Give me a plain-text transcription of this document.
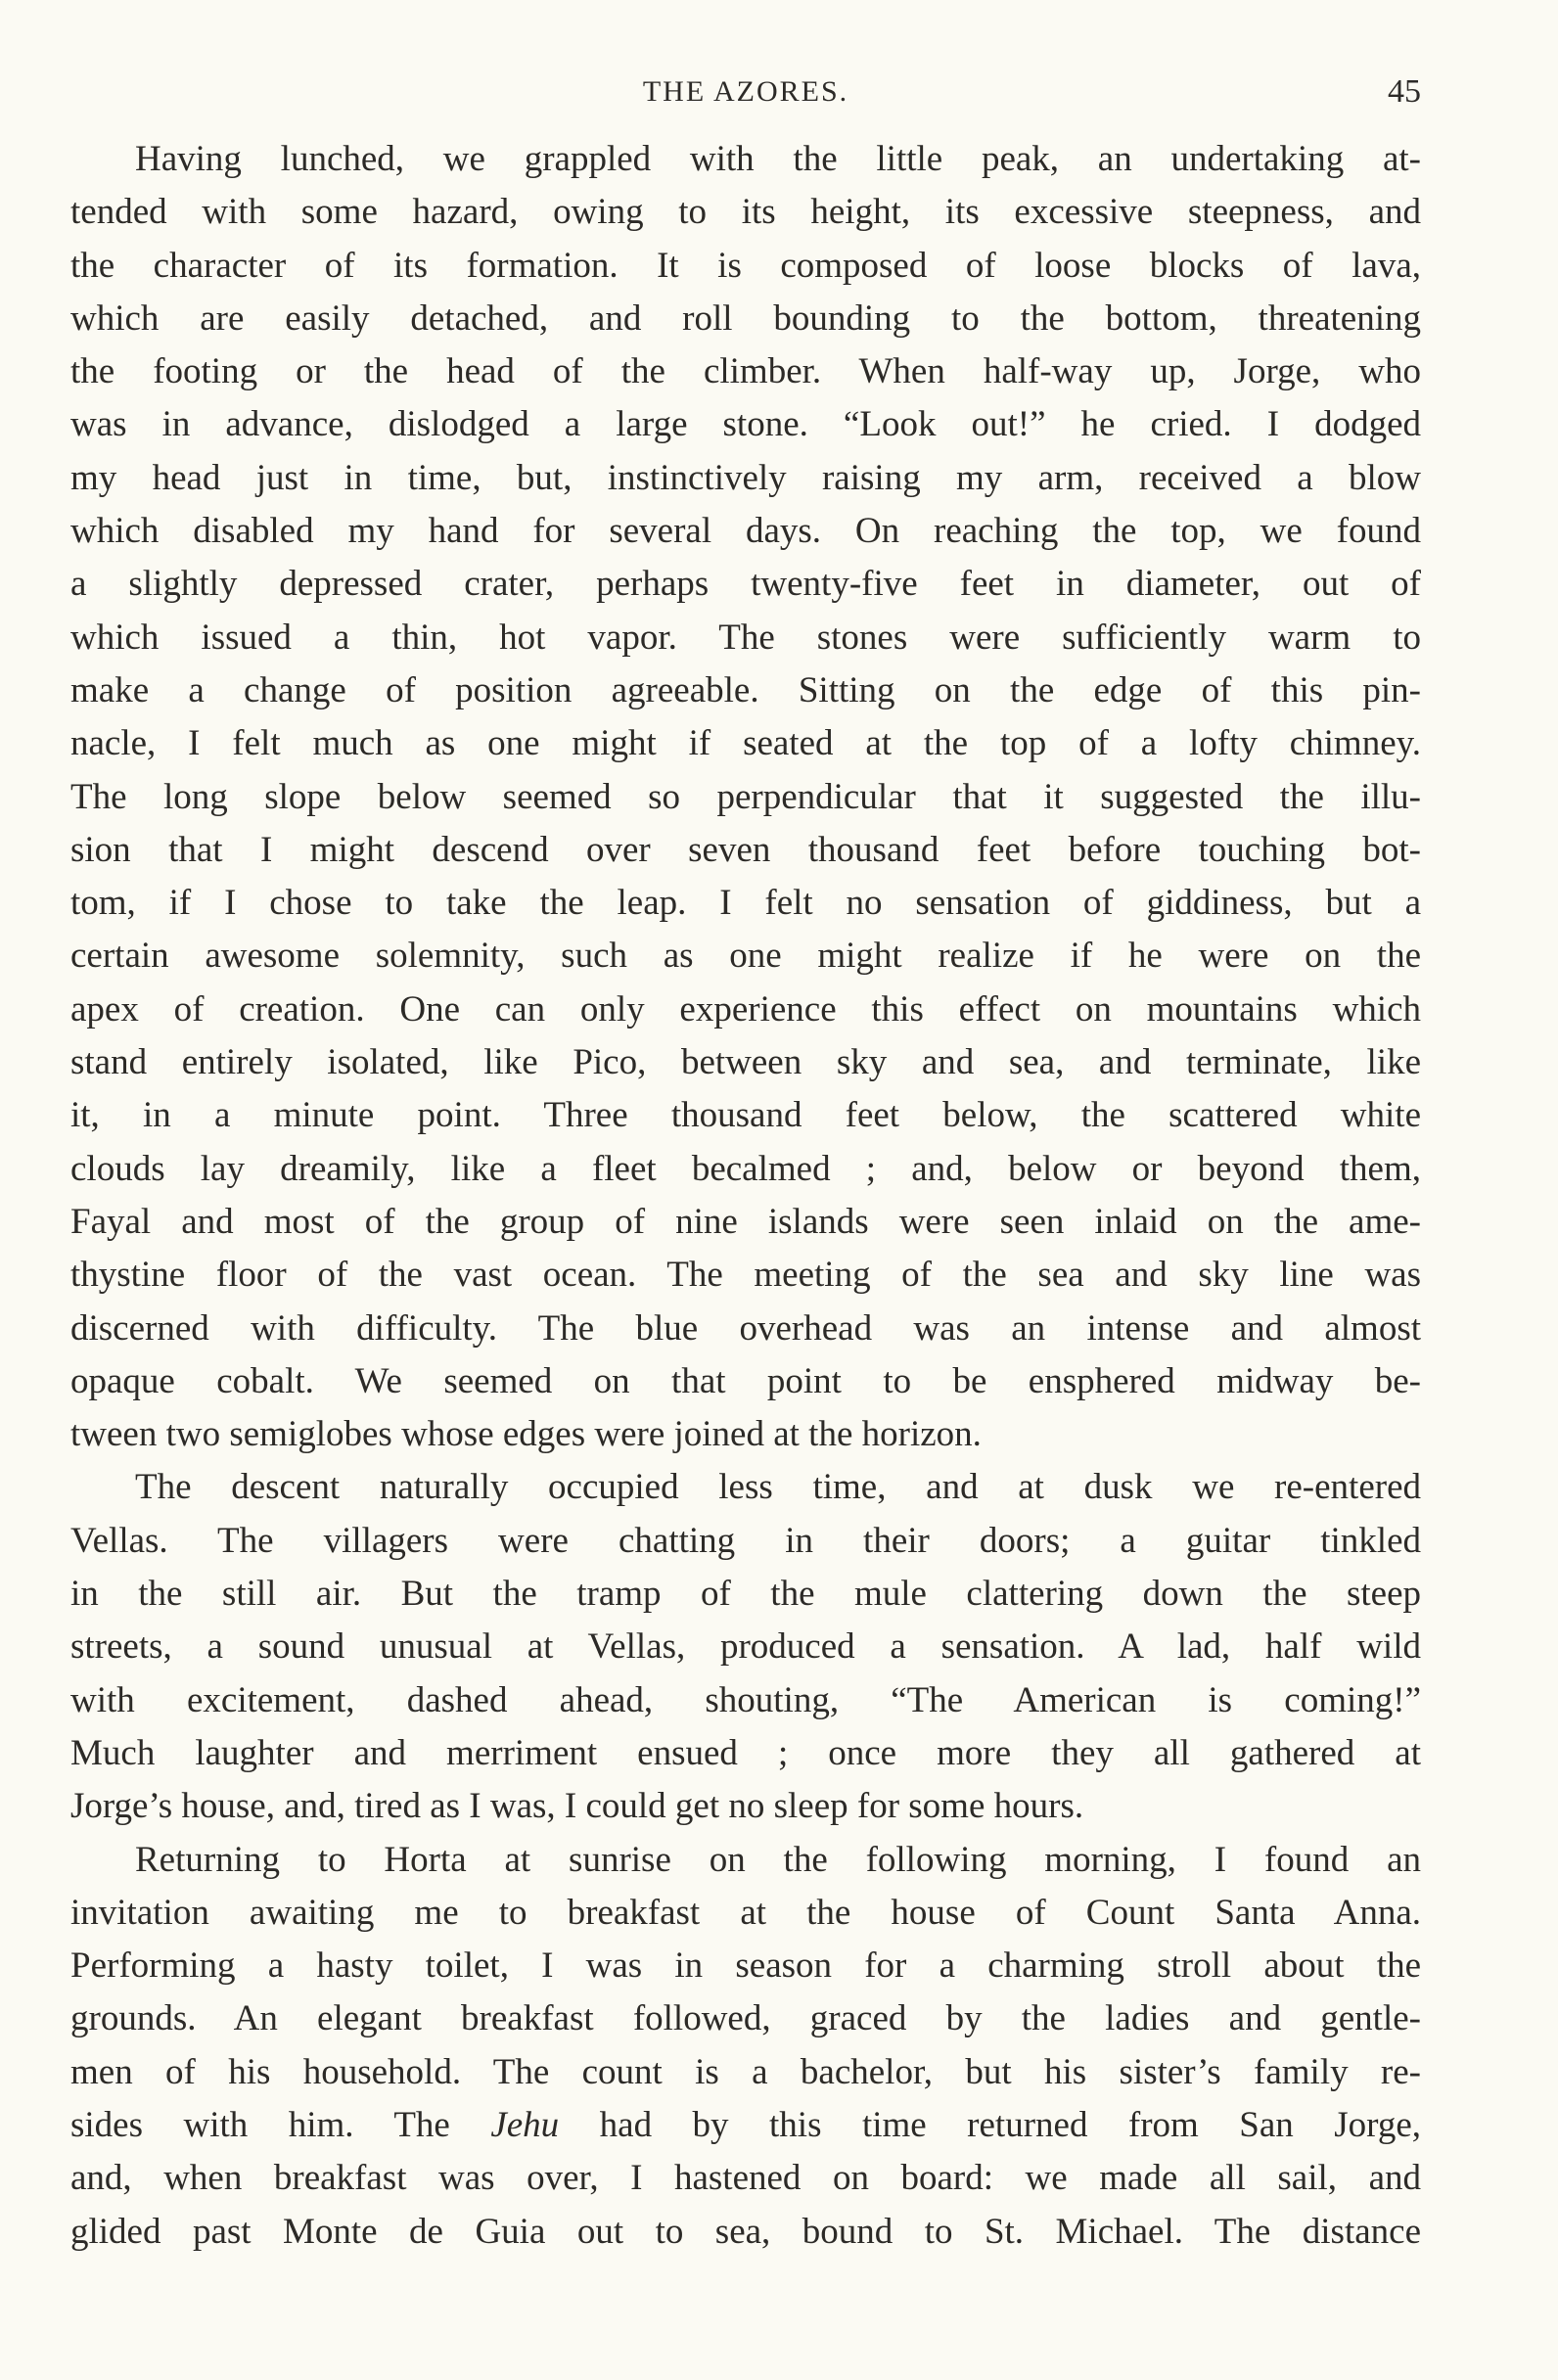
THE AZORES.	45
Having lunched, we grappled with the little peak, an undertaking at-
tended with some hazard, owing to its height, its excessive steepness, and
the character of its formation. It is composed of loose blocks of lava,
which are easily detached, and roll bounding to the bottom, threatening
the footing or the head of the climber. When half-way up, Jorge, who
was in advance, dislodged a large stone. “Look out!” he cried. I dodged
my head just in time, but, instinctively raising my arm, received a blow
which disabled my hand for several days. On reaching the top, we found
a slightly depressed crater, perhaps twenty-five feet in diameter, out of
which issued a thin, hot vapor. The stones were sufficiently warm to
make a change of position agreeable. Sitting on the edge of this pin-
nacle, I felt much as one might if seated at the top of a lofty chimney.
The long slope below seemed so perpendicular that it suggested the illu-
sion that I might descend over seven thousand feet before touching bot-
tom, if I chose to take the leap. I felt no sensation of giddiness, but a
certain awesome solemnity, such as one might realize if he were on the
apex of creation. One can only experience this effect on mountains which
stand entirely isolated, like Pico, between sky and sea, and terminate, like
it, in a minute point. Three thousand feet below, the scattered white
clouds lay dreamily, like a fleet becalmed ; and, below or beyond them,
Fayal and most of the group of nine islands were seen inlaid on the ame-
thystine floor of the vast ocean. The meeting of the sea and sky line was
discerned with difficulty. The blue overhead was an intense and almost
opaque cobalt. We seemed on that point to be ensphered midway be-
tween two semiglobes whose edges were joined at the horizon.
The descent naturally occupied less time, and at dusk we re-entered
Vellas. The villagers were chatting in their doors; a guitar tinkled
in the still air. But the tramp of the mule clattering down the steep
streets, a sound unusual at Vellas, produced a sensation. A lad, half wild
with excitement, dashed ahead, shouting, “The American is coming!”
Much laughter and merriment ensued ; once more they all gathered at
Jorge’s house, and, tired as I was, I could get no sleep for some hours.
Returning to Horta at sunrise on the following morning, I found an
invitation awaiting me to breakfast at the house of Count Santa Anna.
Performing a hasty toilet, I was in season for a charming stroll about the
grounds. An elegant breakfast followed, graced by the ladies and gentle-
men of his household. The count is a bachelor, but his sister’s family re-
sides with him. The Jehu had by this time returned from San Jorge,
and, when breakfast was over, I hastened on board: we made all sail, and
glided past Monte de Guia out to sea, bound to St. Michael. The distance
